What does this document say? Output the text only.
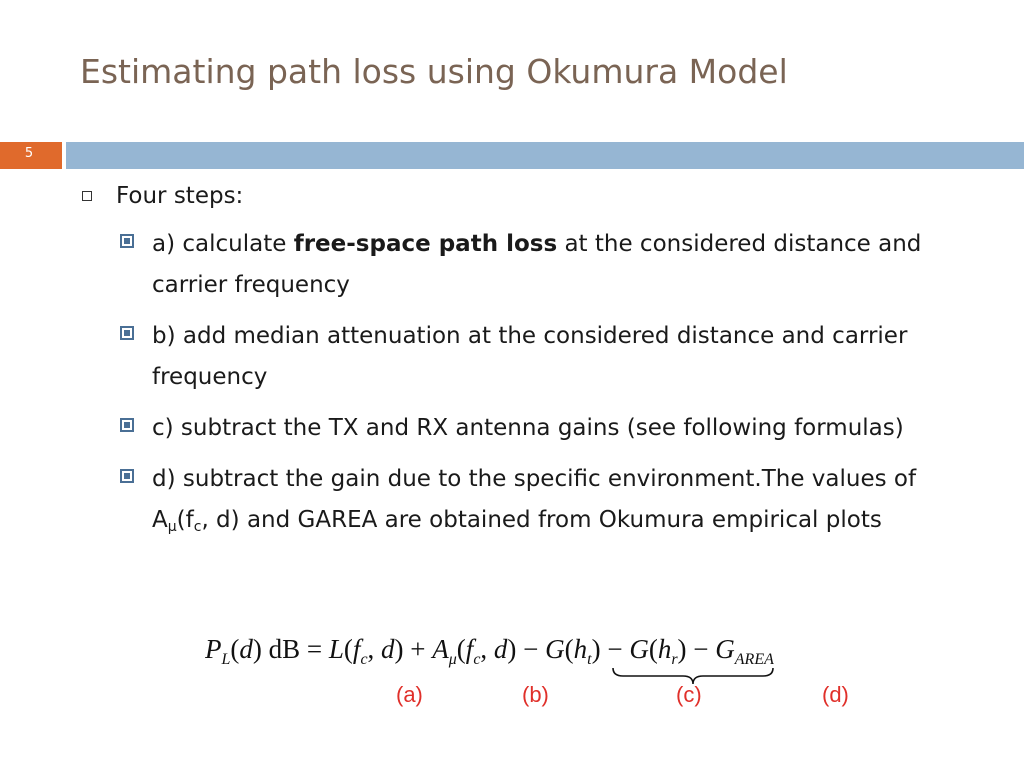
Estimating path loss using Okumura Model
5
Four steps:
a) calculate free-space path loss at the considered distance and carrier frequency
b) add median attenuation at the considered distance and carrier frequency
c) subtract the TX and RX antenna gains (see following formulas)
d) subtract the gain due to the specific environment.The values of $A_\mu(f_c$, d) and GAREA are obtained from Okumura empirical plots
PL(d) dB = L(fc, d) + Aμ(fc, d) − G(ht) − G(hr) − GAREA
(a)	(b)	(c)	(d)
